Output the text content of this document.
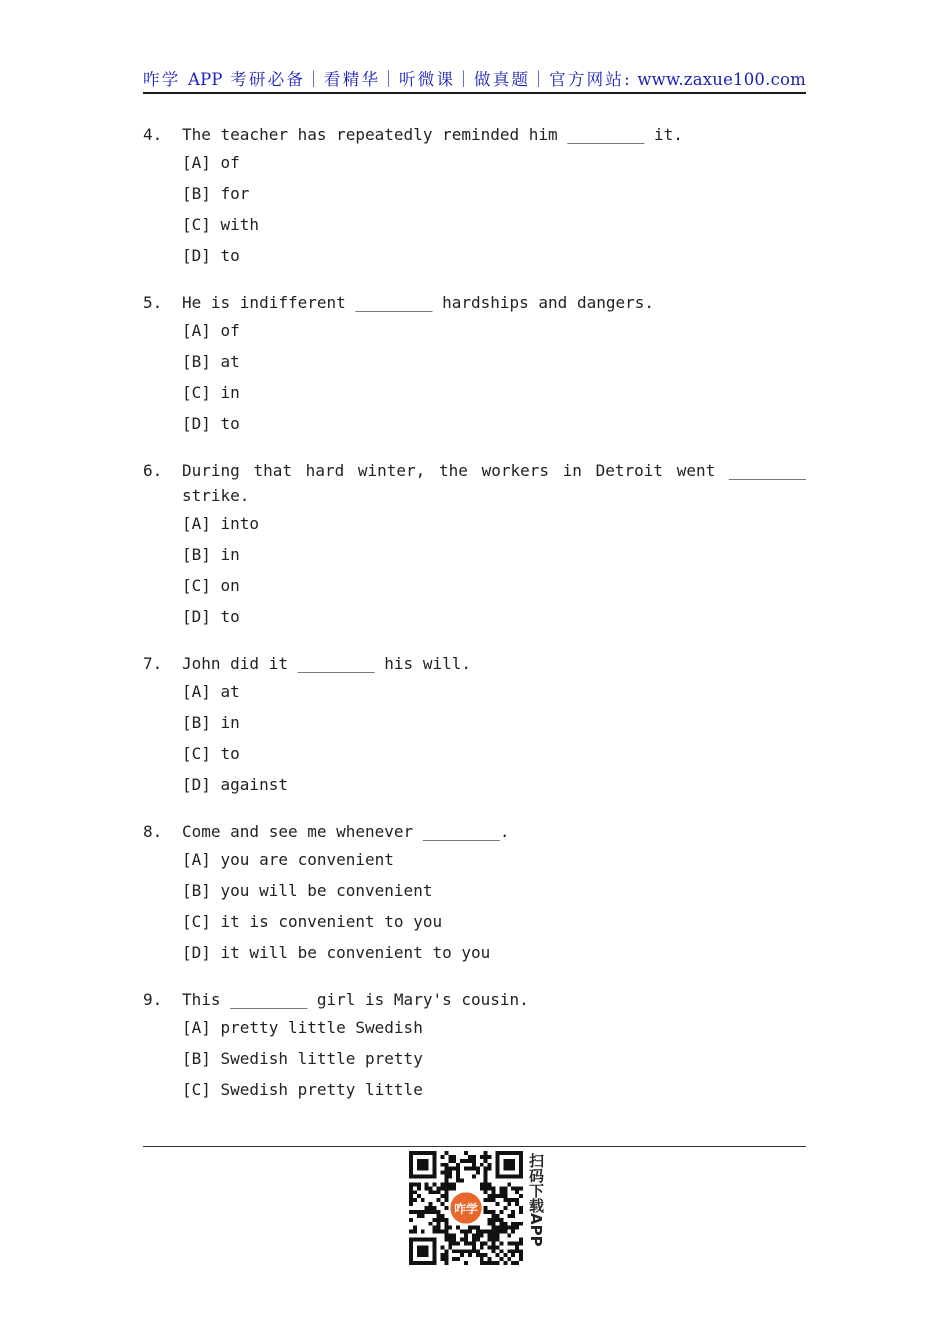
咋学 APP 考研必备｜看精华｜听微课｜做真题｜官方网站: www.zaxue100.com
4.	The teacher has repeatedly reminded him ________ it.
[A] of
[B] for
[C] with
[D] to
5.	He is indifferent ________ hardships and dangers.
[A] of
[B] at
[C] in
[D] to
6.	During that hard winter, the workers in Detroit went ________
strike.
[A] into
[B] in
[C] on
[D] to
7.	John did it ________ his will.
[A] at
[B] in
[C] to
[D] against
8.	Come and see me whenever ________.
[A] you are convenient
[B] you will be convenient
[C] it is convenient to you
[D] it will be convenient to you
9.	This ________ girl is Mary's cousin.
[A] pretty little Swedish
[B] Swedish little pretty
[C] Swedish pretty little
咋学	扫码下载APP
